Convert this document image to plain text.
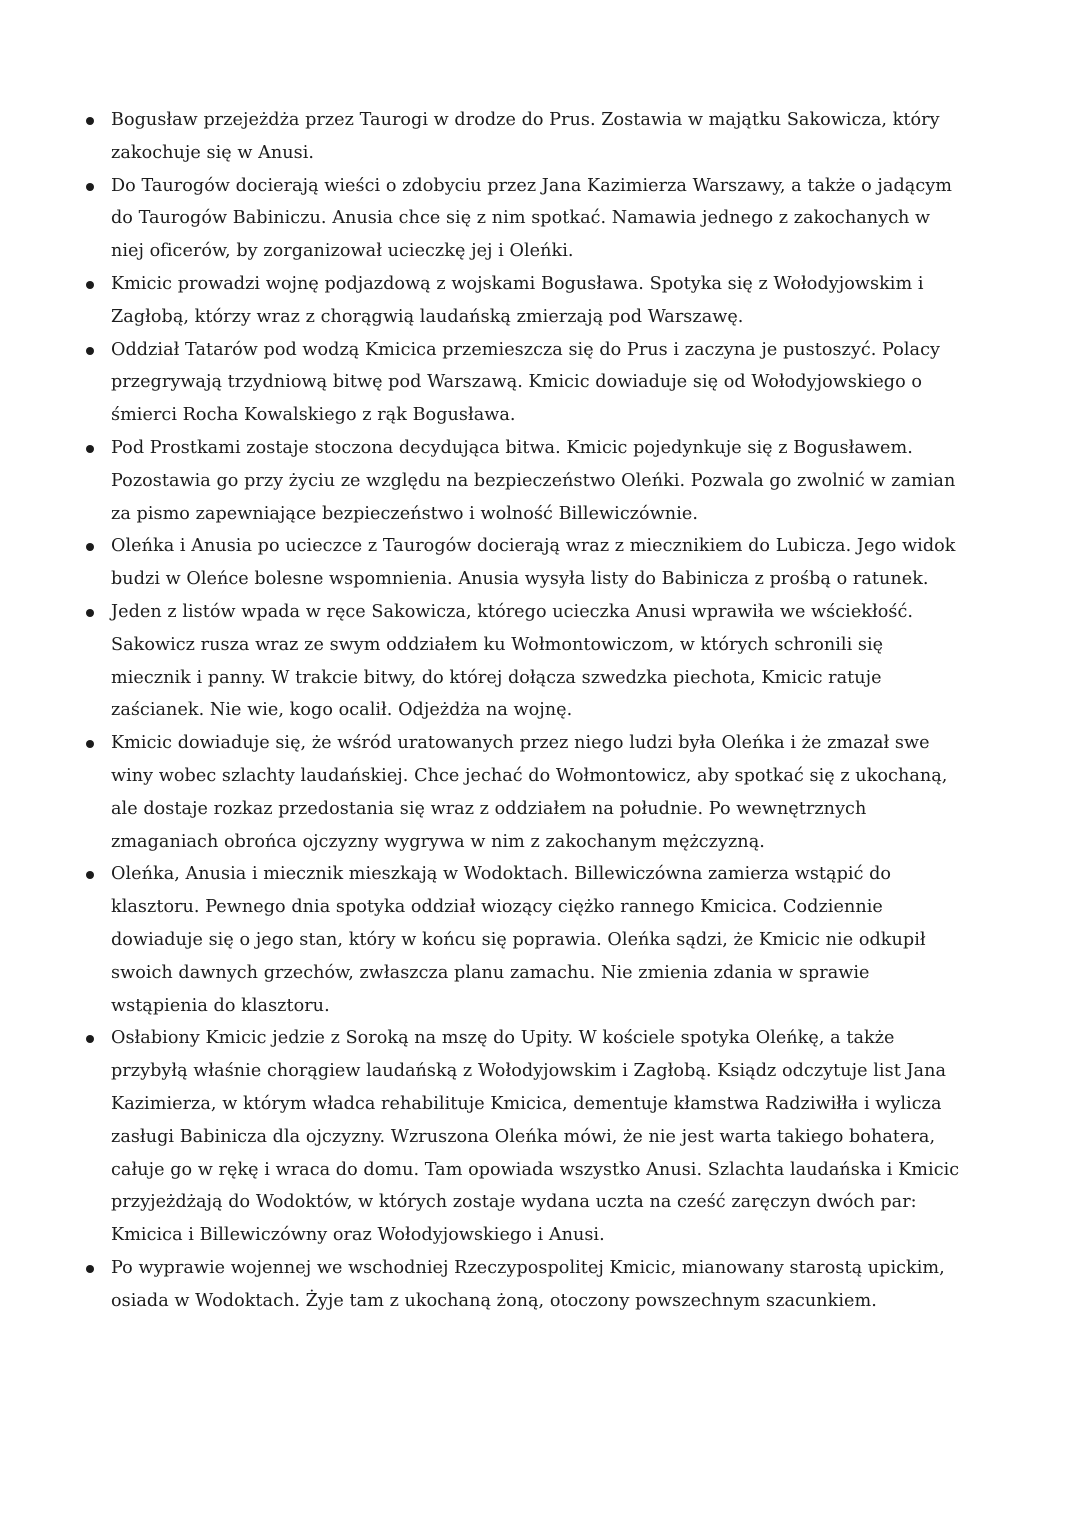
Bogusław przejeżdża przez Taurogi w drodze do Prus. Zostawia w majątku Sakowicza, który
zakochuje się w Anusi.
Do Taurogów docierają wieści o zdobyciu przez Jana Kazimierza Warszawy, a także o jadącym
do Taurogów Babiniczu. Anusia chce się z nim spotkać. Namawia jednego z zakochanych w
niej oficerów, by zorganizował ucieczkę jej i Oleńki.
Kmicic prowadzi wojnę podjazdową z wojskami Bogusława. Spotyka się z Wołodyjowskim i
Zagłobą, którzy wraz z chorągwią laudańską zmierzają pod Warszawę.
Oddział Tatarów pod wodzą Kmicica przemieszcza się do Prus i zaczyna je pustoszyć. Polacy
przegrywają trzydniową bitwę pod Warszawą. Kmicic dowiaduje się od Wołodyjowskiego o
śmierci Rocha Kowalskiego z rąk Bogusława.
Pod Prostkami zostaje stoczona decydująca bitwa. Kmicic pojedynkuje się z Bogusławem.
Pozostawia go przy życiu ze względu na bezpieczeństwo Oleńki. Pozwala go zwolnić w zamian
za pismo zapewniające bezpieczeństwo i wolność Billewiczównie.
Oleńka i Anusia po ucieczce z Taurogów docierają wraz z miecznikiem do Lubicza. Jego widok
budzi w Oleńce bolesne wspomnienia. Anusia wysyła listy do Babinicza z prośbą o ratunek.
Jeden z listów wpada w ręce Sakowicza, którego ucieczka Anusi wprawiła we wściekłość.
Sakowicz rusza wraz ze swym oddziałem ku Wołmontowiczom, w których schronili się
miecznik i panny. W trakcie bitwy, do której dołącza szwedzka piechota, Kmicic ratuje
zaścianek. Nie wie, kogo ocalił. Odjeżdża na wojnę.
Kmicic dowiaduje się, że wśród uratowanych przez niego ludzi była Oleńka i że zmazał swe
winy wobec szlachty laudańskiej. Chce jechać do Wołmontowicz, aby spotkać się z ukochaną,
ale dostaje rozkaz przedostania się wraz z oddziałem na południe. Po wewnętrznych
zmaganiach obrońca ojczyzny wygrywa w nim z zakochanym mężczyzną.
Oleńka, Anusia i miecznik mieszkają w Wodoktach. Billewiczówna zamierza wstąpić do
klasztoru. Pewnego dnia spotyka oddział wiozący ciężko rannego Kmicica. Codziennie
dowiaduje się o jego stan, który w końcu się poprawia. Oleńka sądzi, że Kmicic nie odkupił
swoich dawnych grzechów, zwłaszcza planu zamachu. Nie zmienia zdania w sprawie
wstąpienia do klasztoru.
Osłabiony Kmicic jedzie z Soroką na mszę do Upity. W kościele spotyka Oleńkę, a także
przybyłą właśnie chorągiew laudańską z Wołodyjowskim i Zagłobą. Ksiądz odczytuje list Jana
Kazimierza, w którym władca rehabilituje Kmicica, dementuje kłamstwa Radziwiłła i wylicza
zasługi Babinicza dla ojczyzny. Wzruszona Oleńka mówi, że nie jest warta takiego bohatera,
całuje go w rękę i wraca do domu. Tam opowiada wszystko Anusi. Szlachta laudańska i Kmicic
przyjeżdżają do Wodoktów, w których zostaje wydana uczta na cześć zaręczyn dwóch par:
Kmicica i Billewiczówny oraz Wołodyjowskiego i Anusi.
Po wyprawie wojennej we wschodniej Rzeczypospolitej Kmicic, mianowany starostą upickim,
osiada w Wodoktach. Żyje tam z ukochaną żoną, otoczony powszechnym szacunkiem.
